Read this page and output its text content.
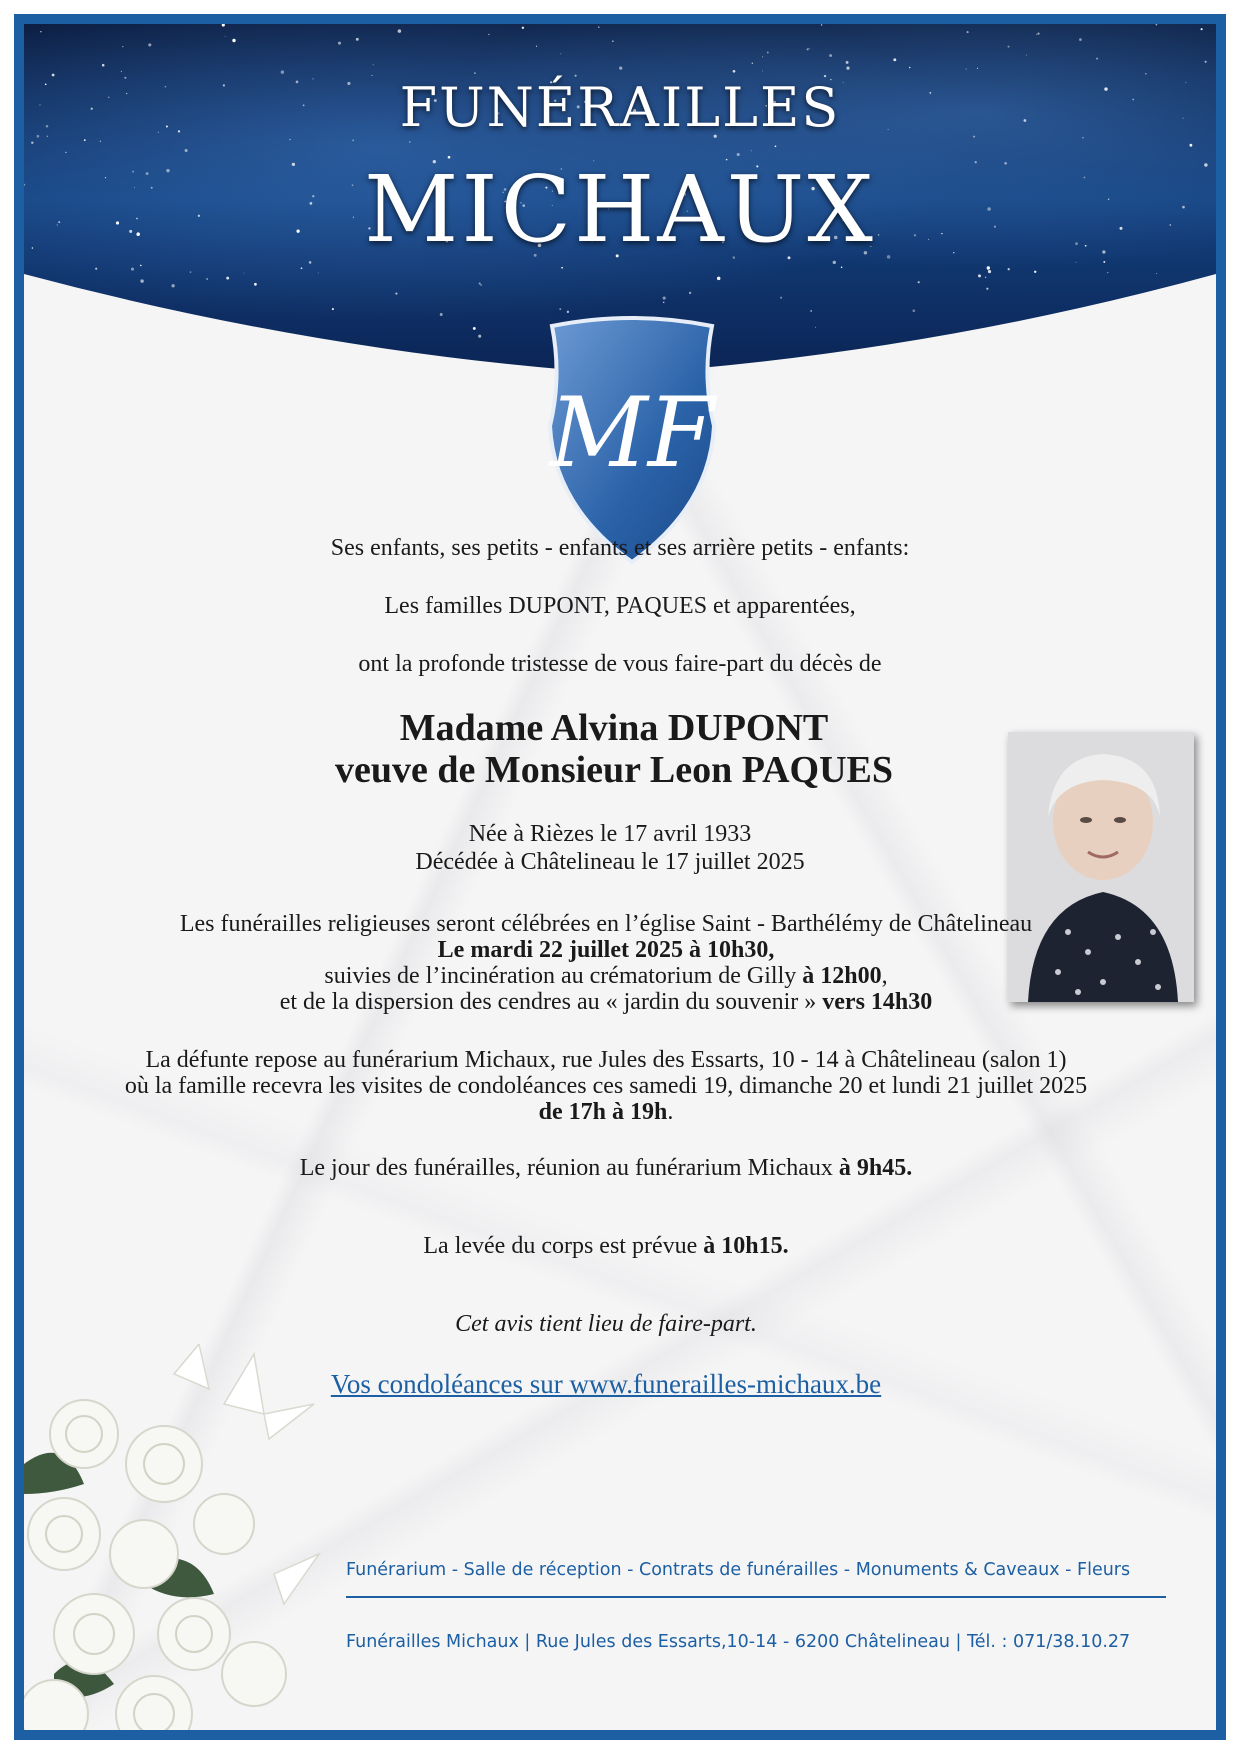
FUNÉRAILLES
MICHAUX
MF
Ses enfants, ses petits - enfants et ses arrière petits - enfants:
Les familles DUPONT, PAQUES et apparentées,
ont la profonde tristesse de vous faire-part du décès de
Madame Alvina DUPONT
veuve de Monsieur Leon PAQUES
Née à Rièzes le 17 avril 1933
Décédée à Châtelineau le 17 juillet 2025
Les funérailles religieuses seront célébrées en l’église Saint - Barthélémy de Châtelineau
Le mardi 22 juillet 2025 à 10h30,
suivies de l’incinération au crématorium de Gilly à 12h00,
et de la dispersion des cendres au « jardin du souvenir » vers 14h30
La défunte repose au funérarium Michaux, rue Jules des Essarts, 10 - 14 à Châtelineau (salon 1)
où la famille recevra les visites de condoléances ces samedi 19, dimanche 20 et lundi 21 juillet 2025
de 17h à 19h.
Le jour des funérailles, réunion au funérarium Michaux à 9h45.
La levée du corps est prévue à 10h15.
Cet avis tient lieu de faire-part.
Vos condoléances sur www.funerailles-michaux.be
Funérarium - Salle de réception - Contrats de funérailles - Monuments & Caveaux - Fleurs
Funérailles Michaux | Rue Jules des Essarts,10-14 - 6200 Châtelineau | Tél. : 071/38.10.27
